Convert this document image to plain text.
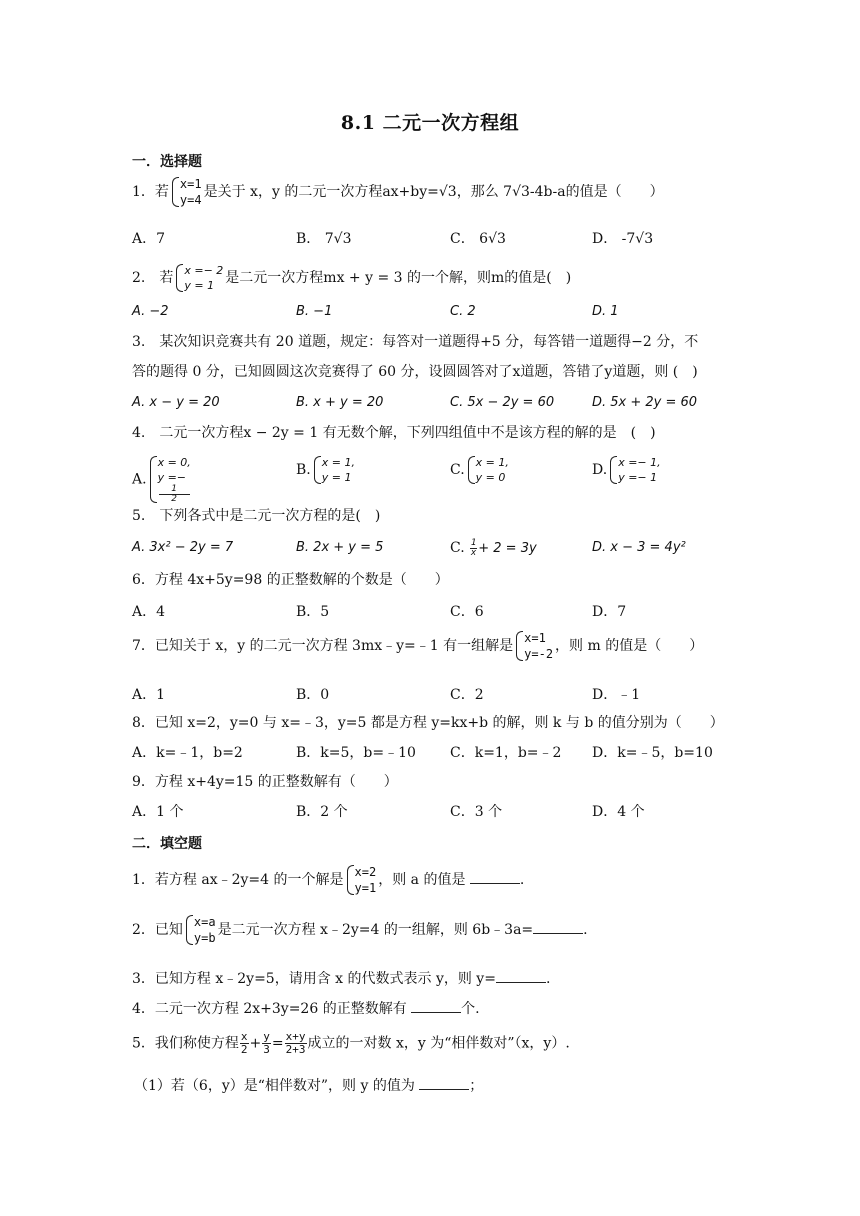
8.1 二元一次方程组
一．选择题
1．若 x=1
y=4 是关于 x，y 的二元一次方程ax+by=√3，那么 7√3-4b-a的值是（　　）
A．7	B． 7√3	C． 6√3	D． -7√3
2.　若 x =− 2
y = 1 是二元一次方程mx + y = 3 的一个解，则m的值是(　)
A. −2	B. −1	C. 2	D. 1
3.　某次知识竞赛共有 20 道题，规定：每答对一道题得+5 分，每答错一道题得−2 分，不
答的题得 0 分，已知圆圆这次竞赛得了 60 分，设圆圆答对了x道题，答错了y道题，则 (　)
A. x − y = 20	B. x + y = 20	C. 5x − 2y = 60	D. 5x + 2y = 60
4.　二元一次方程x − 2y = 1 有无数个解，下列四组值中不是该方程的解的是　(　)
A.
x = 0,
y =−
1
2
B. x = 1,
y = 1	C. x = 1,
y = 0	D. x =− 1,
y =− 1
5.　下列各式中是二元一次方程的是(　)
A. 3x² − 2y = 7	B. 2x + y = 5	C. $\frac{1}{x} + 2 = 3y$	D. x − 3 = 4y²
6．方程 4x+5y=98 的正整数解的个数是（　　）
A．4	B．5	C．6	D．7
7．已知关于 x，y 的二元一次方程 3mx﹣y=﹣1 有一组解是 x=1
y=-2 ，则 m 的值是（　　）
A．1	B．0	C．2	D．﹣1
8．已知 x=2，y=0 与 x=﹣3，y=5 都是方程 y=kx+b 的解，则 k 与 b 的值分别为（　　）
A．k=﹣1，b=2	B．k=5，b=﹣10 C．k=1，b=﹣2 D．k=﹣5，b=10
9．方程 x+4y=15 的正整数解有（　　）
A．1 个	B．2 个	C．3 个	D．4 个
二．填空题
1．若方程 ax﹣2y=4 的一个解是 x=2
y=1 ，则 a 的值是	.
2．已知 x=a
y=b 是二元一次方程 x﹣2y=4 的一组解，则 6b﹣3a=	.
3．已知方程 x﹣2y=5，请用含 x 的代数式表示 y，则 y=	.
4．二元一次方程 2x+3y=26 的正整数解有	个.
5．我们称使方程 $\frac{x}{2} + \frac{y}{3} = \frac{x+y}{2+3}$ 成立的一对数 x，y 为“相伴数对”（x，y）.
（1）若（6，y）是“相伴数对”，则 y 的值为	；
